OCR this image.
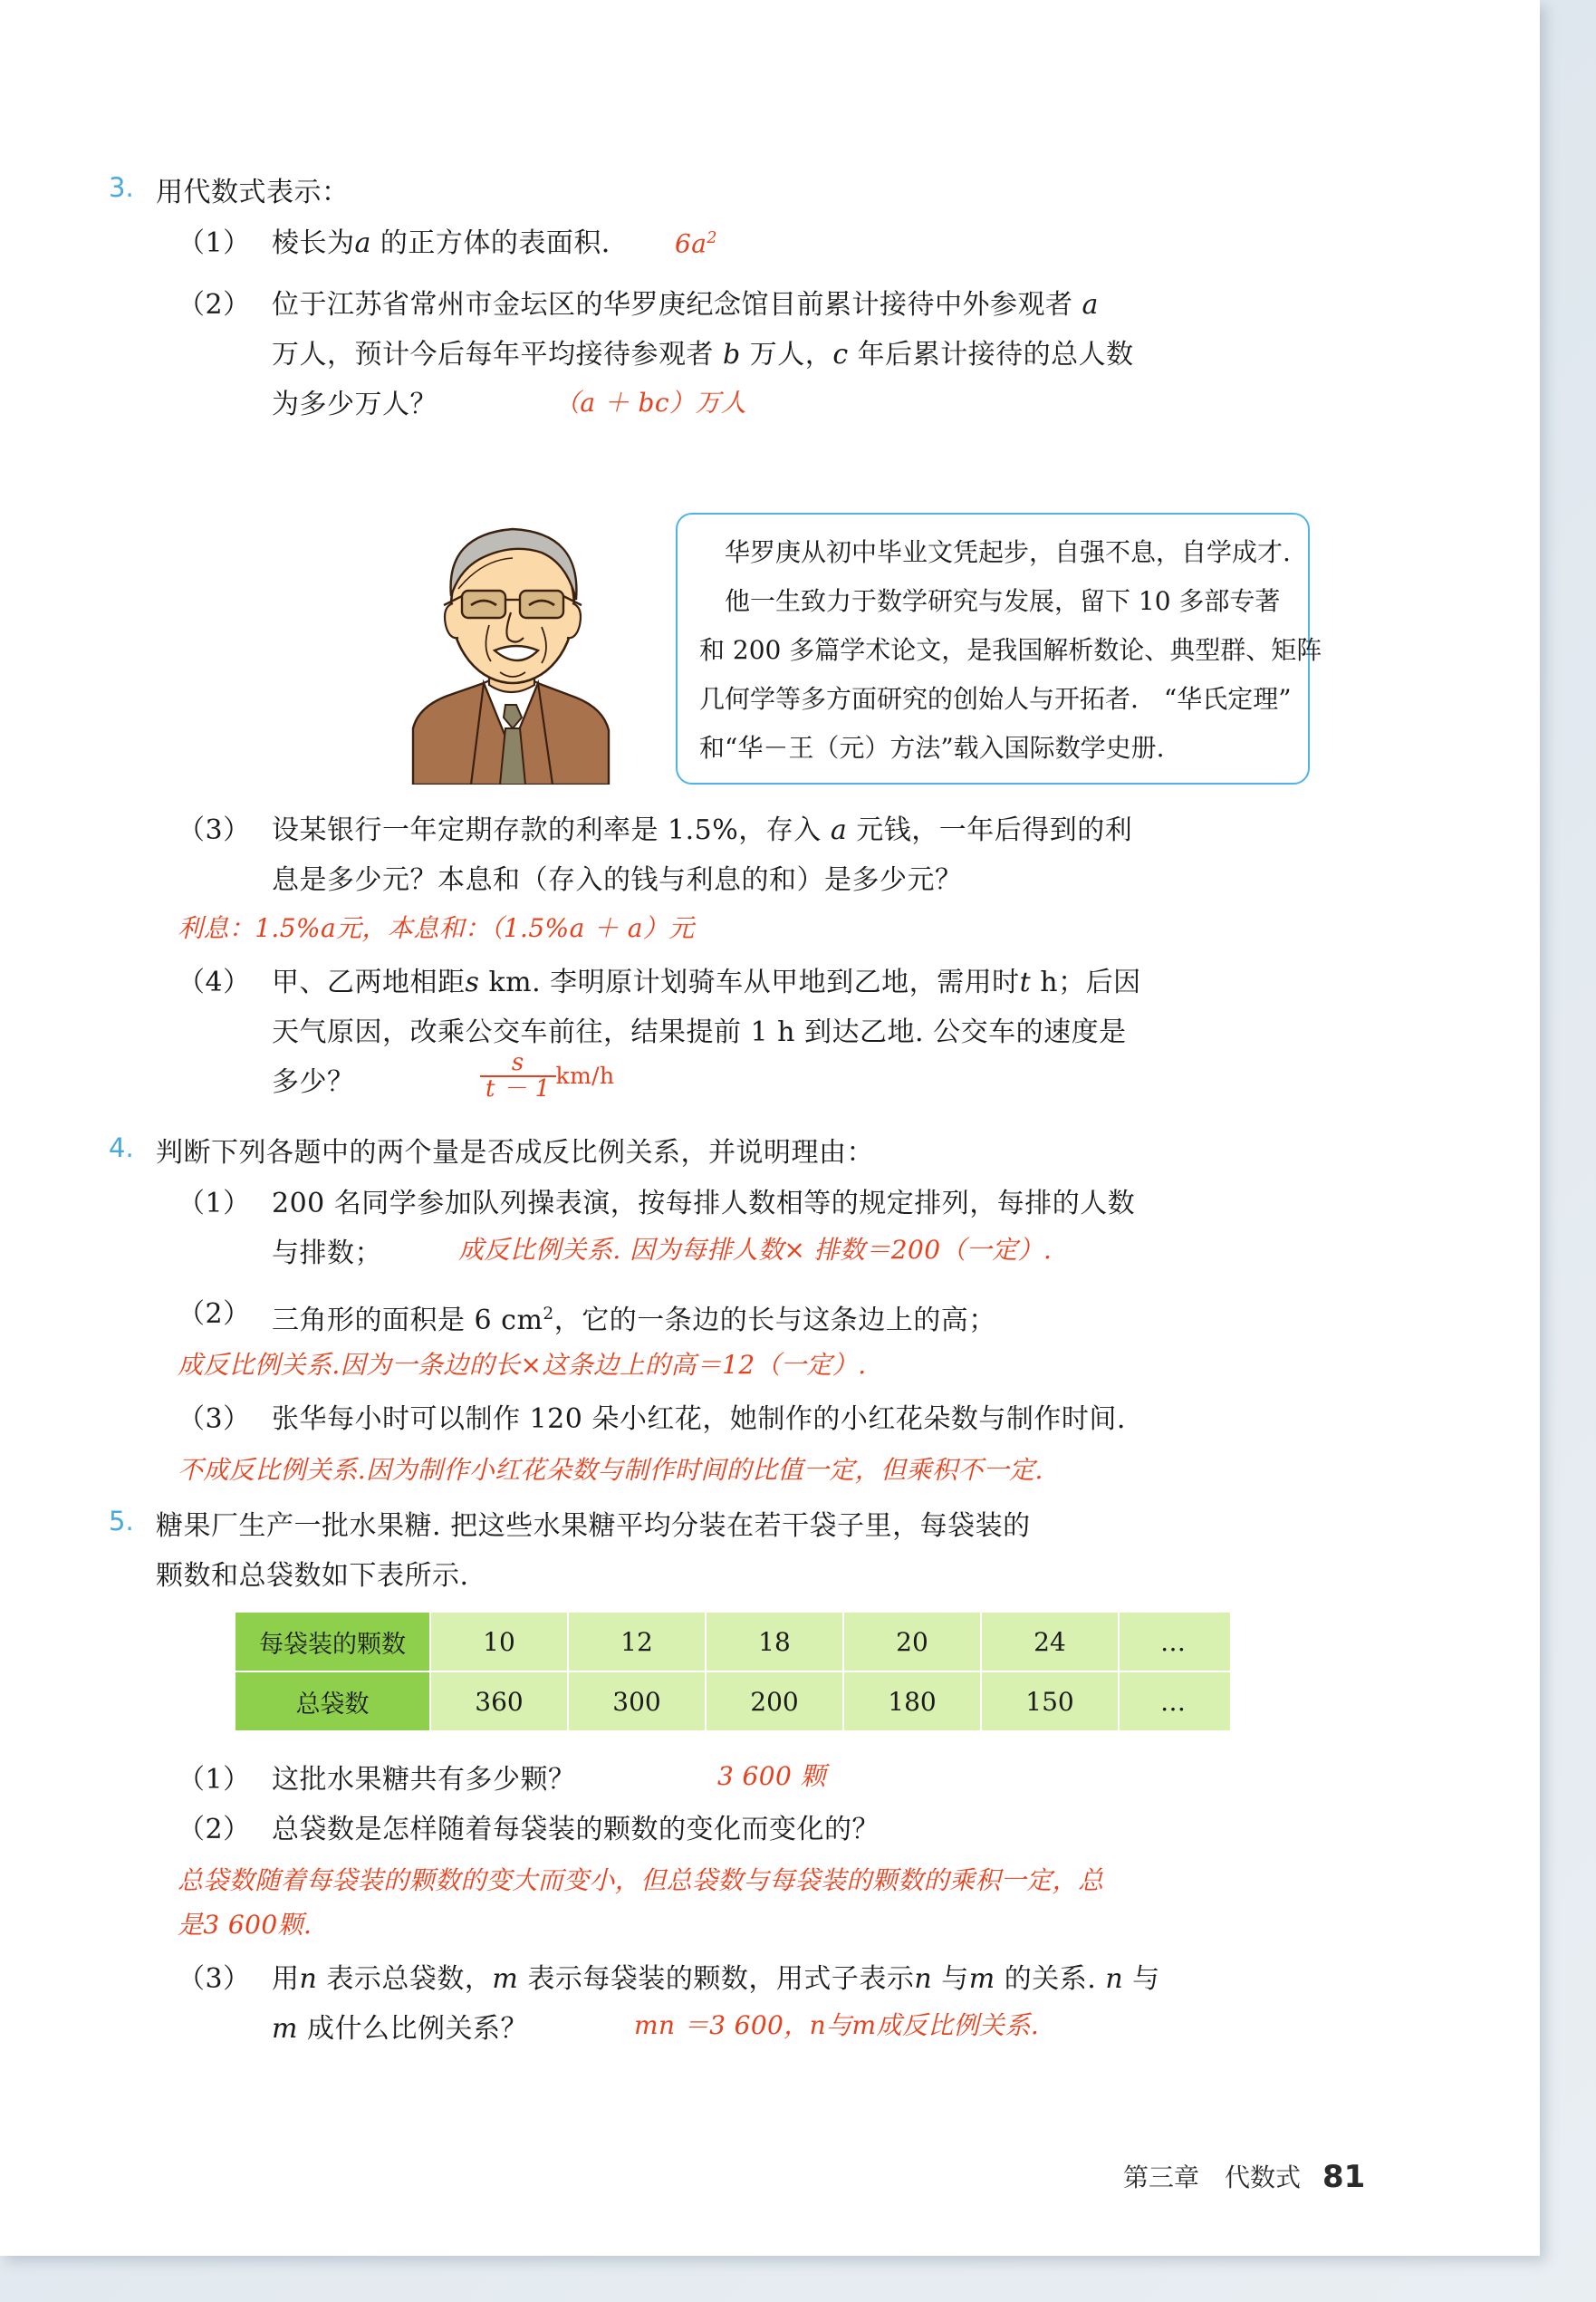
3. 用代数式表示：
（1） 棱长为a 的正方体的表面积． $6a^2$
（2） 位于江苏省常州市金坛区的华罗庚纪念馆目前累计接待中外参观者 a
万人，预计今后每年平均接待参观者 b 万人，c 年后累计接待的总人数
为多少万人？	（a ＋ bc）万人
　华罗庚从初中毕业文凭起步，自强不息，自学成才.
　他一生致力于数学研究与发展，留下 10 多部专著
和 200 多篇学术论文，是我国解析数论、典型群、矩阵
几何学等多方面研究的创始人与开拓者.　“华氏定理”
和“华－王（元）方法”载入国际数学史册.
（3） 设某银行一年定期存款的利率是 1.5%，存入 a 元钱，一年后得到的利
息是多少元？本息和（存入的钱与利息的和）是多少元？
利息：1.5%a元，本息和：（1.5%a ＋ a）元
（4） 甲、乙两地相距s km. 李明原计划骑车从甲地到乙地，需用时t h；后因
天气原因，改乘公交车前往，结果提前 1 h 到达乙地. 公交车的速度是
多少？	$\frac{s}{t - 1} km/h$
4. 判断下列各题中的两个量是否成反比例关系，并说明理由：
（1） 200 名同学参加队列操表演，按每排人数相等的规定排列，每排的人数
与排数；	成反比例关系. 因为每排人数× 排数＝200（一定）.
（2） 三角形的面积是 6 $cm^2$，它的一条边的长与这条边上的高；
成反比例关系.因为一条边的长×这条边上的高＝12（一定）.
（3） 张华每小时可以制作 120 朵小红花，她制作的小红花朵数与制作时间.
不成反比例关系.因为制作小红花朵数与制作时间的比值一定，但乘积不一定.
5. 糖果厂生产一批水果糖. 把这些水果糖平均分装在若干袋子里，每袋装的
颗数和总袋数如下表所示.
每袋装的颗数	10	12	18	20	24	…
总袋数	360	300	200	180	150	…
（1） 这批水果糖共有多少颗？	3 600 颗
（2） 总袋数是怎样随着每袋装的颗数的变化而变化的？
总袋数随着每袋装的颗数的变大而变小，但总袋数与每袋装的颗数的乘积一定，总
是3 600颗.
（3） 用n 表示总袋数，m 表示每袋装的颗数，用式子表示n 与m 的关系. n 与
m 成什么比例关系？	mn ＝3 600，n与m成反比例关系.
第三章　代数式 81
